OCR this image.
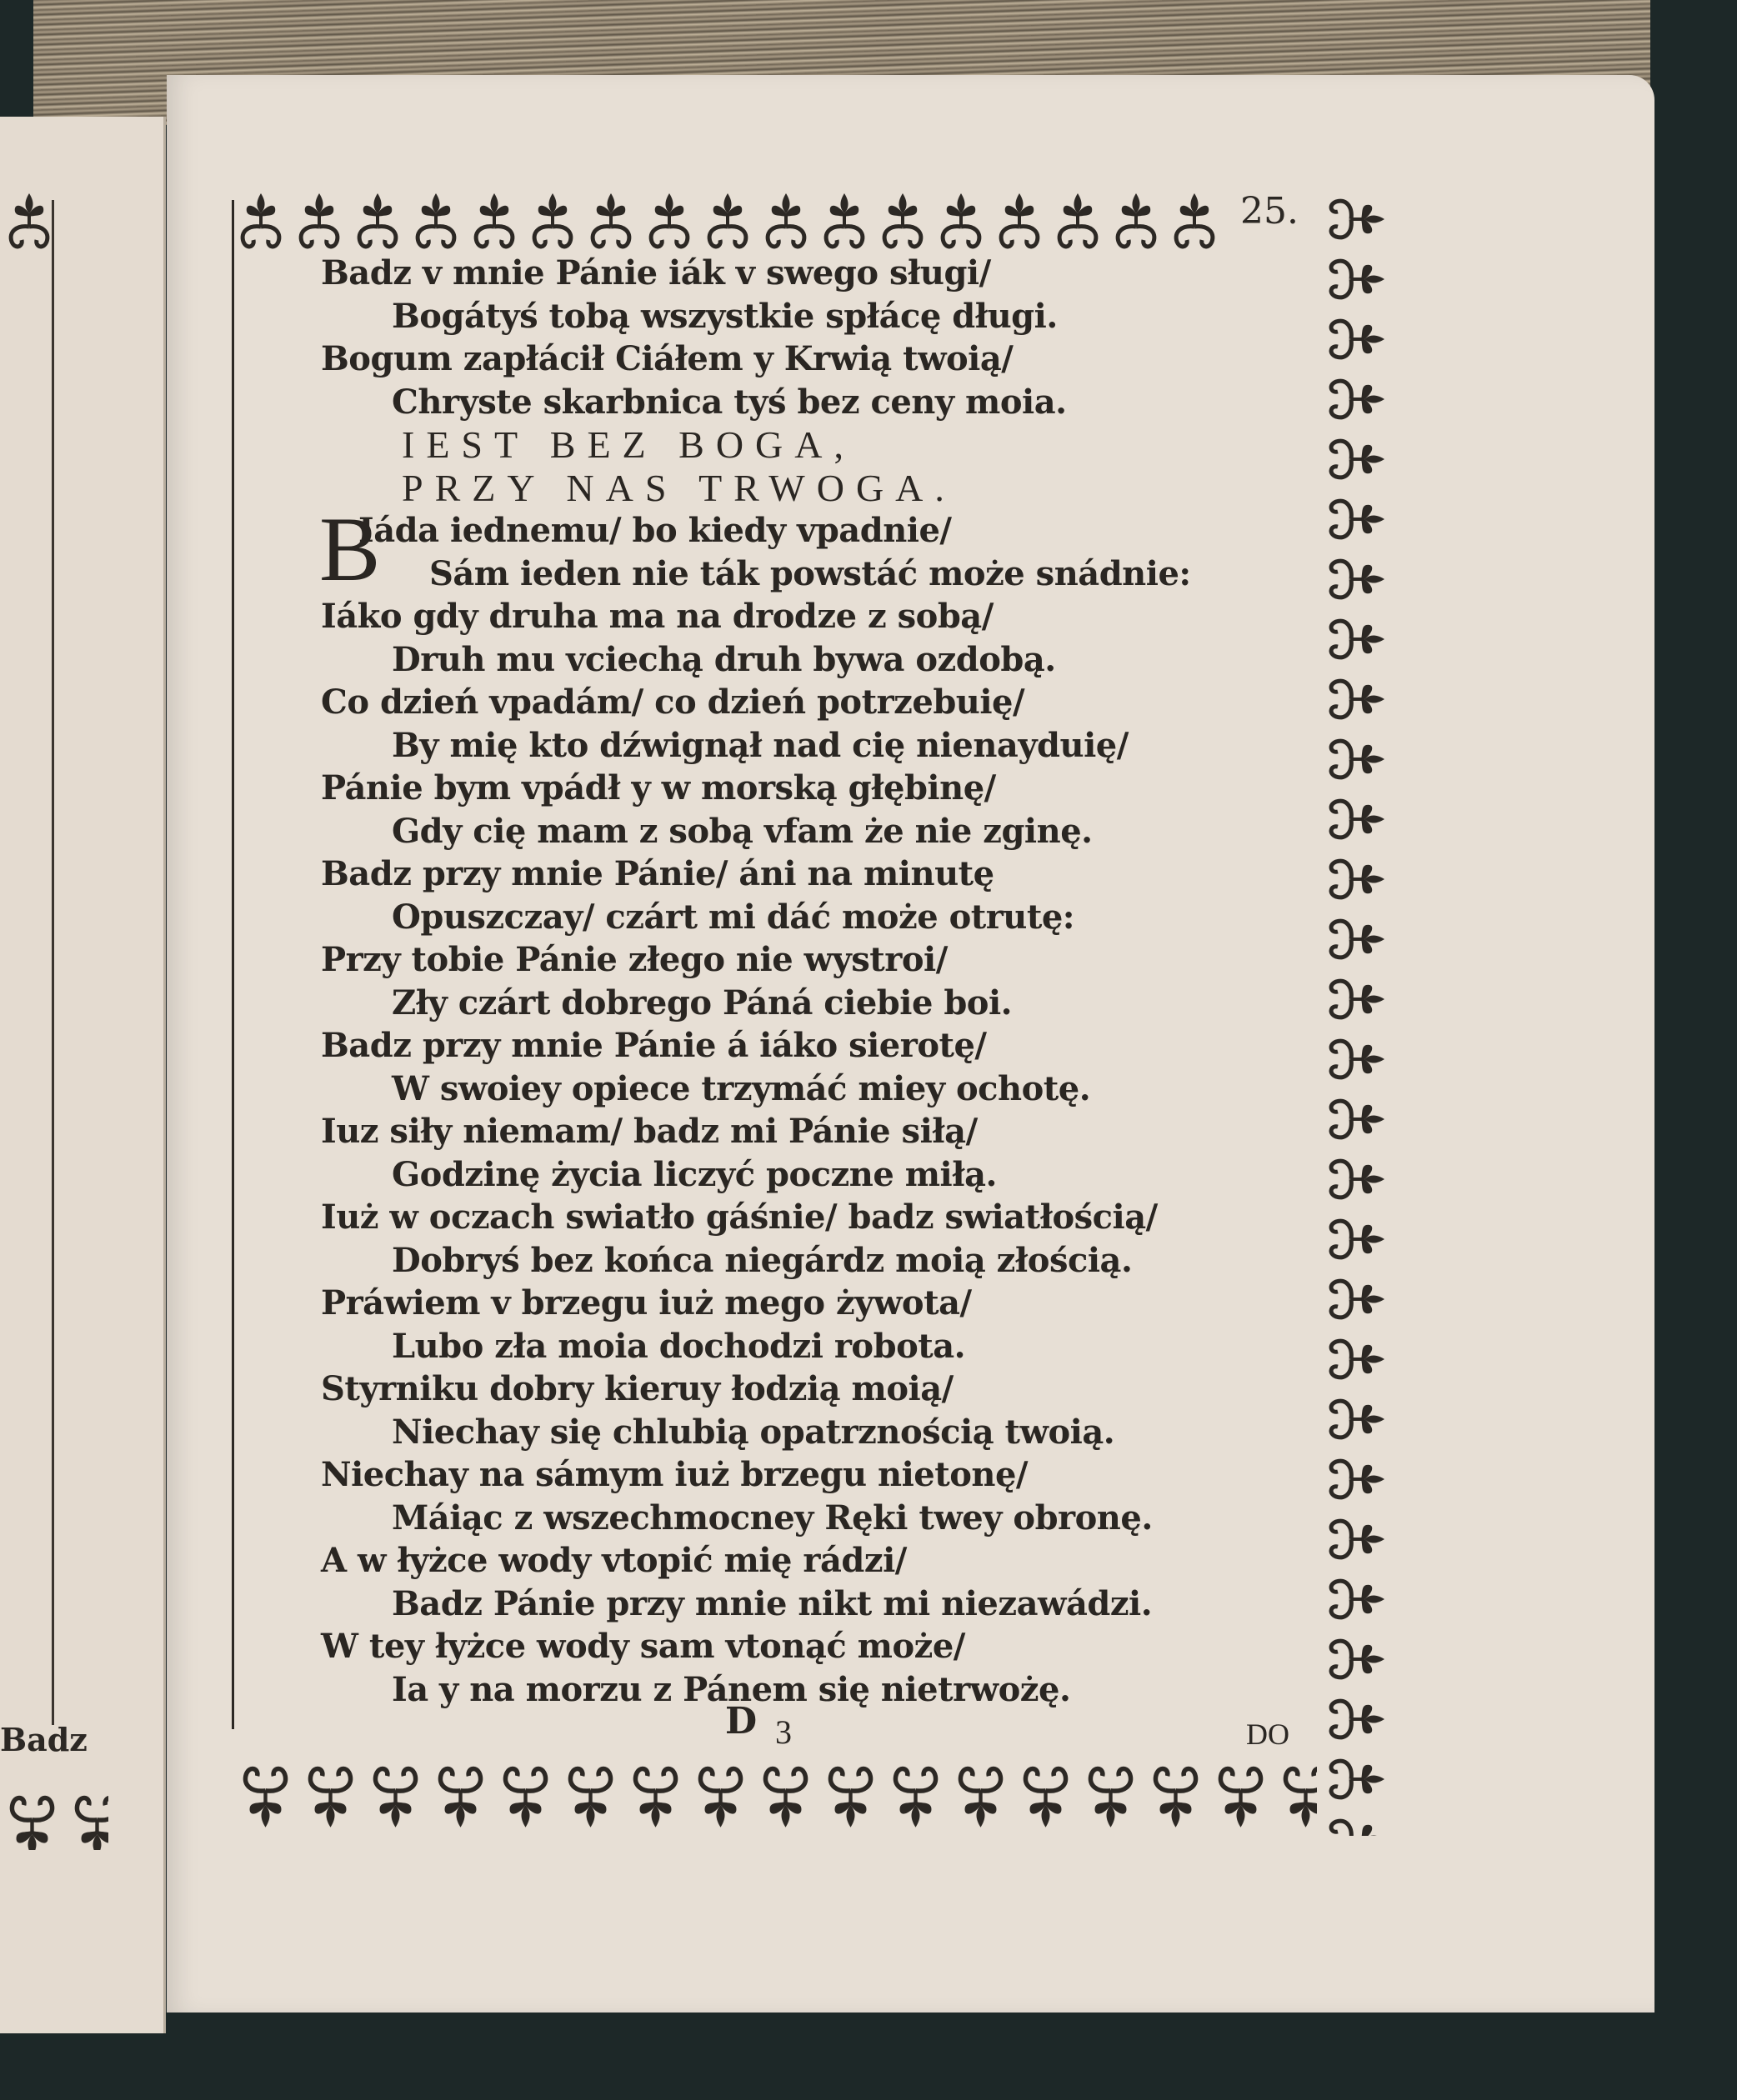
Badz
25.
B
Badz v mnie Pánie iák v swego sługi/
Bogátyś tobą wszystkie spłácę długi.
Bogum zapłácił Ciáłem y Krwią twoią/
Chryste skarbnica tyś bez ceny moia.
IEST BEZ BOGA,
PRZY NAS TRWOGA.
Iáda iednemu/ bo kiedy vpadnie/
Sám ieden nie ták powstáć może snádnie:
Iáko gdy druha ma na drodze z sobą/
Druh mu vciechą druh bywa ozdobą.
Co dzień vpadám/ co dzień potrzebuię/
By mię kto dźwignął nad cię nienayduię/
Pánie bym vpádł y w morską głębinę/
Gdy cię mam z sobą vfam że nie zginę.
Badz przy mnie Pánie/ áni na minutę
Opuszczay/ czárt mi dáć może otrutę:
Przy tobie Pánie złego nie wystroi/
Zły czárt dobrego Páná ciebie boi.
Badz przy mnie Pánie á iáko sierotę/
W swoiey opiece trzymáć miey ochotę.
Iuz siły niemam/ badz mi Pánie siłą/
Godzinę życia liczyć poczne miłą.
Iuż w oczach swiatło gáśnie/ badz swiatłością/
Dobryś bez końca niegárdz moią złością.
Práwiem v brzegu iuż mego żywota/
Lubo zła moia dochodzi robota.
Styrniku dobry kieruy łodzią moią/
Niechay się chlubią opatrznością twoią.
Niechay na sámym iuż brzegu nietonę/
Máiąc z wszechmocney Ręki twey obronę.
A w łyżce wody vtopić mię rádzi/
Badz Pánie przy mnie nikt mi niezawádzi.
W tey łyżce wody sam vtonąć może/
Ia y na morzu z Pánem się nietrwożę.
D 3	DO
